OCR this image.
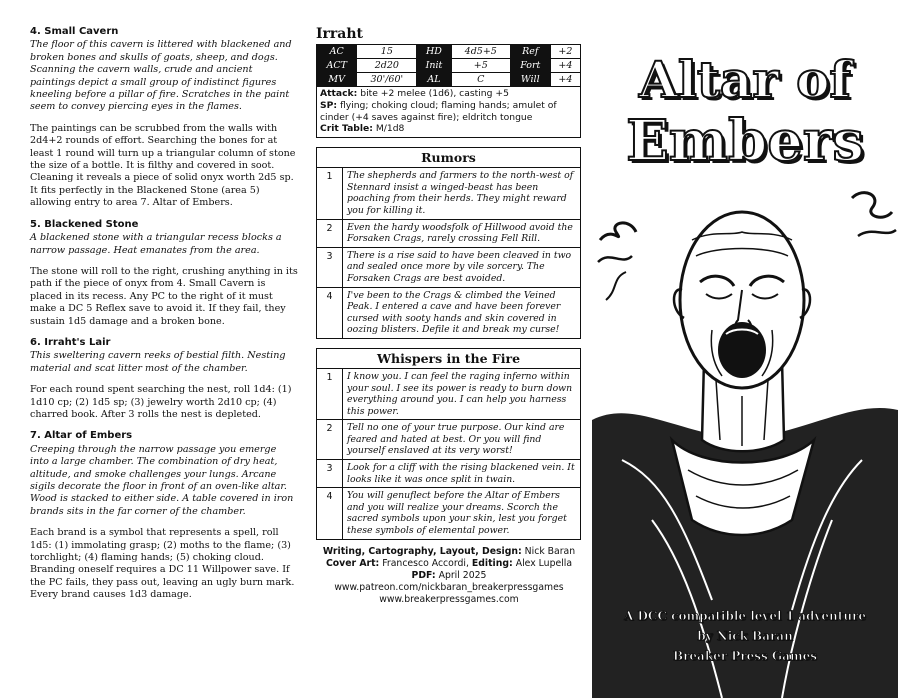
4. Small Cavern

The floor of this cavern is littered with blackened and broken bones and skulls of goats, sheep, and dogs. Scanning the cavern walls, crude and ancient paintings depict a small group of indistinct figures kneeling before a pillar of fire. Scratches in the paint seem to convey piercing eyes in the flames.

The paintings can be scrubbed from the walls with 2d4+2 rounds of effort. Searching the bones for at least 1 round will turn up a triangular column of stone the size of a bottle. It is filthy and covered in soot. Cleaning it reveals a piece of solid onyx worth 2d5 sp. It fits perfectly in the Blackened Stone (area 5) allowing entry to area 7. Altar of Embers.

5. Blackened Stone

A blackened stone with a triangular recess blocks a narrow passage. Heat emanates from the area.

The stone will roll to the right, crushing anything in its path if the piece of onyx from 4. Small Cavern is placed in its recess. Any PC to the right of it must make a DC 5 Reflex save to avoid it. If they fail, they sustain 1d5 damage and a broken bone.

6. Irraht's Lair

This sweltering cavern reeks of bestial filth. Nesting material and scat litter most of the chamber.

For each round spent searching the nest, roll 1d4: (1) 1d10 cp; (2) 1d5 sp; (3) jewelry worth 2d10 cp; (4) charred book. After 3 rolls the nest is depleted.

7. Altar of Embers

Creeping through the narrow passage you emerge into a large chamber. The combination of dry heat, altitude, and smoke challenges your lungs. Arcane sigils decorate the floor in front of an oven-like altar. Wood is stacked to either side. A table covered in iron brands sits in the far corner of the chamber.

Each brand is a symbol that represents a spell, roll 1d5: (1) immolating grasp; (2) moths to the flame; (3) torchlight; (4) flaming hands; (5) choking cloud. Branding oneself requires a DC 11 Willpower save. If the PC fails, they pass out, leaving an ugly burn mark. Every brand causes 1d3 damage.

Irraht
AC	15	HD	4d5+5	Ref	+2
ACT	2d20	Init	+5	Fort	+4
MV	30'/60'	AL	C	Will	+4
Attack: bite +2 melee (1d6), casting +5
SP: flying; choking cloud; flaming hands; amulet of cinder (+4 saves against fire); eldritch tongue
Crit Table: M/1d8
Rumors
1	The shepherds and farmers to the north-west of Stennard insist a winged-beast has been poaching from their herds. They might reward you for killing it.
2	Even the hardy woodsfolk of Hillwood avoid the Forsaken Crags, rarely crossing Fell Rill.
3	There is a rise said to have been cleaved in two and sealed once more by vile sorcery. The Forsaken Crags are best avoided.
4	I've been to the Crags & climbed the Veined Peak. I entered a cave and have been forever cursed with sooty hands and skin covered in oozing blisters. Defile it and break my curse!
Whispers in the Fire
1	I know you. I can feel the raging inferno within your soul. I see its power is ready to burn down everything around you. I can help you harness this power.
2	Tell no one of your true purpose. Our kind are feared and hated at best. Or you will find yourself enslaved at its very worst!
3	Look for a cliff with the rising blackened vein. It looks like it was once split in twain.
4	You will genuflect before the Altar of Embers and you will realize your dreams. Scorch the sacred symbols upon your skin, lest you forget these symbols of elemental power.
Writing, Cartography, Layout, Design: Nick Baran
Cover Art: Francesco Accordi, Editing: Alex Lupella
PDF: April 2025
www.patreon.com/nickbaran_breakerpressgames
www.breakerpressgames.com
Altar of
Embers
A DCC compatible level 1 adventure
by Nick Baran
Breaker Press Games
